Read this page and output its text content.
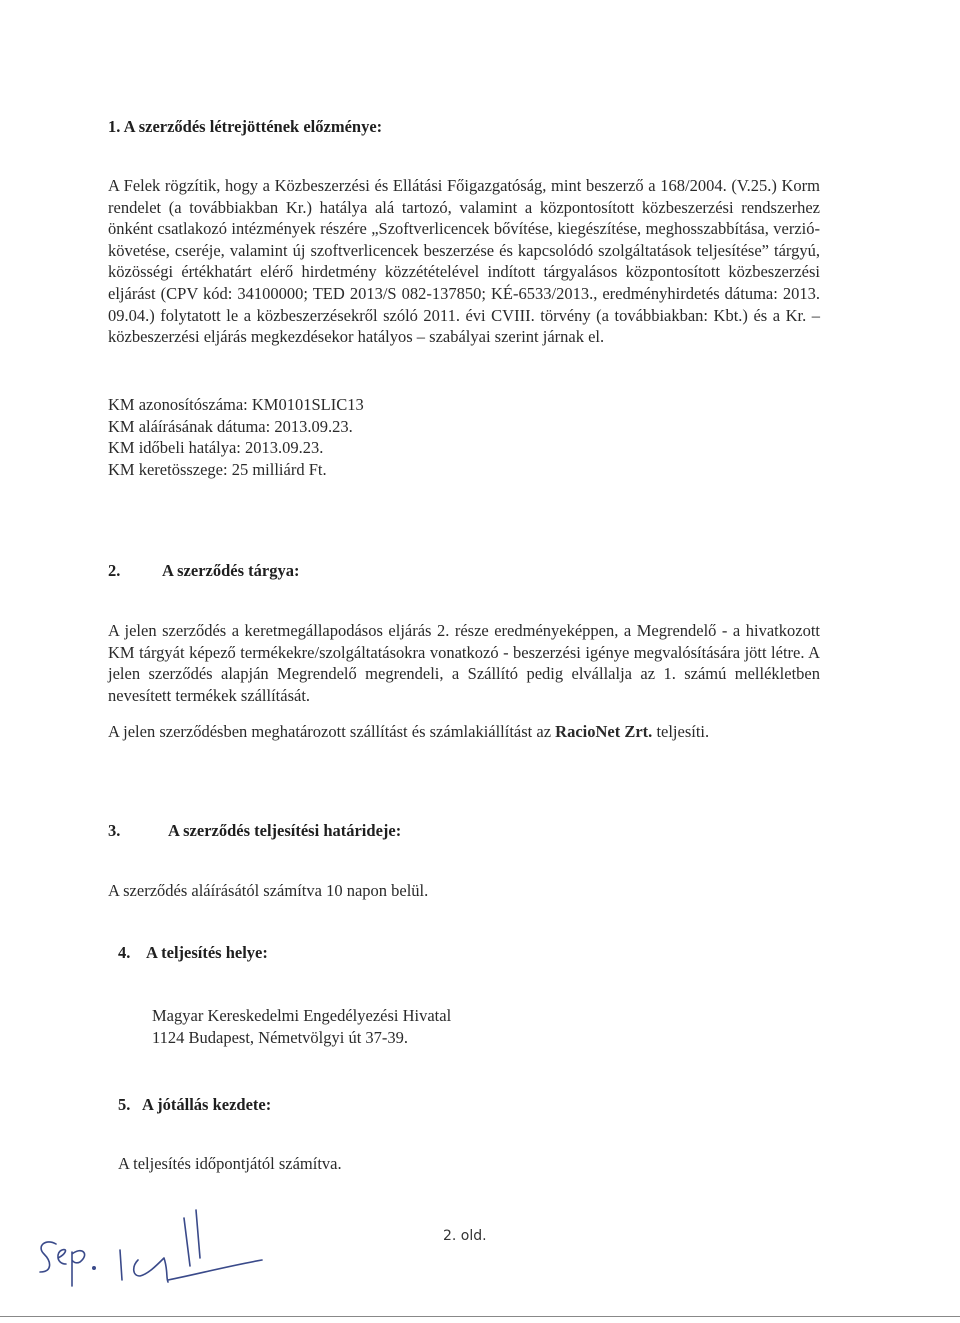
1. A szerződés létrejöttének előzménye:

A Felek rögzítik, hogy a Közbeszerzési és Ellátási Főigazgatóság, mint beszerző a 168/2004. (V.25.) Korm rendelet (a továbbiakban Kr.) hatálya alá tartozó, valamint a központosított közbeszerzési rendszerhez önként csatlakozó intézmények részére „Szoftverlicencek bővítése, kiegészítése, meghosszabbítása, verzió-követése, cseréje, valamint új szoftverlicencek beszerzése és kapcsolódó szolgáltatások teljesítése” tárgyú, közösségi értékhatárt elérő hirdetmény közzétételével indított tárgyalásos központosított közbeszerzési eljárást (CPV kód: 34100000; TED 2013/S 082-137850; KÉ-6533/2013., eredményhirdetés dátuma: 2013. 09.04.) folytatott le a közbeszerzésekről szóló 2011. évi CVIII. törvény (a továbbiakban: Kbt.) és a Kr. – közbeszerzési eljárás megkezdésekor hatályos – szabályai szerint járnak el.

KM azonosítószáma: KM0101SLIC13

KM aláírásának dátuma: 2013.09.23.

KM időbeli hatálya: 2013.09.23.

KM keretösszege: 25 milliárd Ft.

2.	A szerződés tárgya:

A jelen szerződés a keretmegállapodásos eljárás 2. része eredményeképpen, a Megrendelő - a hivatkozott KM tárgyát képező termékekre/szolgáltatásokra vonatkozó - beszerzési igénye megvalósítására jött létre. A jelen szerződés alapján Megrendelő megrendeli, a Szállító pedig elvállalja az 1. számú mellékletben nevesített termékek szállítását.

A jelen szerződésben meghatározott szállítást és számlakiállítást az RacioNet Zrt. teljesíti.

3.	A szerződés teljesítési határideje:

A szerződés aláírásától számítva 10 napon belül.

4. A teljesítés helye:

Magyar Kereskedelmi Engedélyezési Hivatal

1124 Budapest, Németvölgyi út 37-39.

5. A jótállás kezdete:

A teljesítés időpontjától számítva.

2. old.
